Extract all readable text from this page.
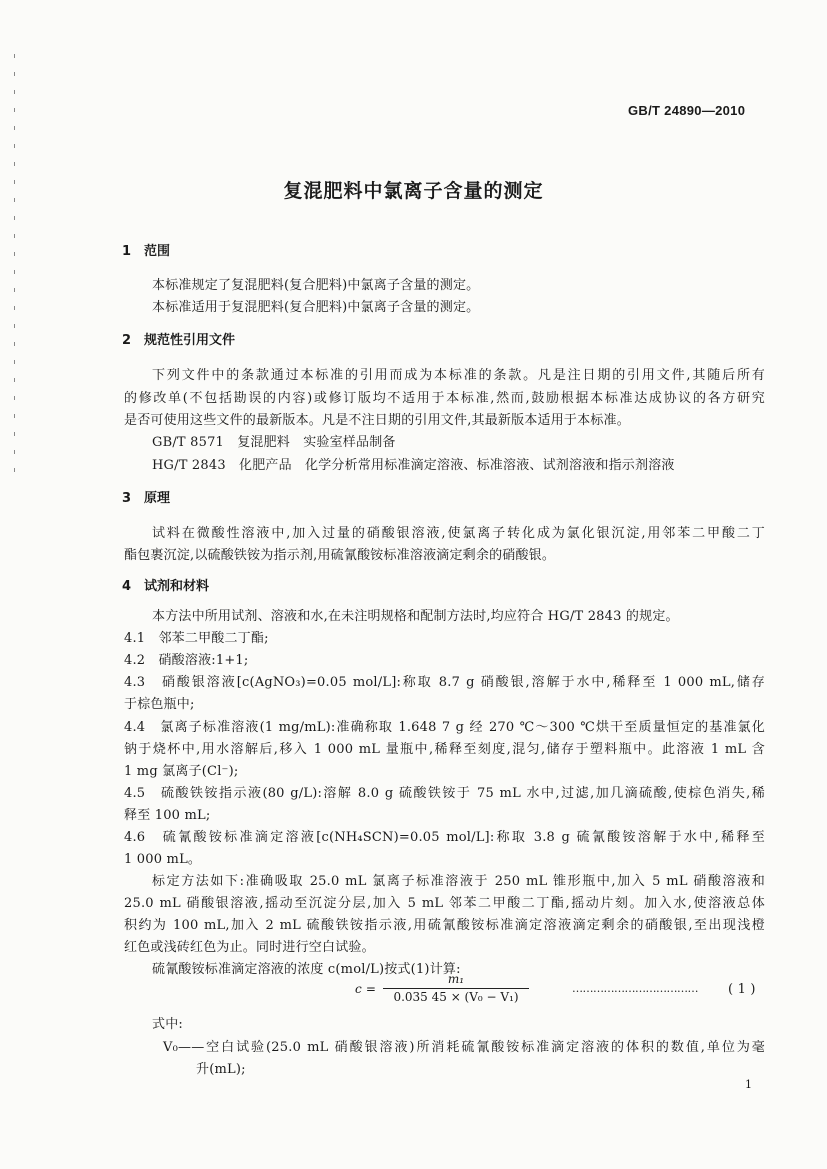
GB/T 24890—2010
复混肥料中氯离子含量的测定
1 范围
本标准规定了复混肥料(复合肥料)中氯离子含量的测定。
本标准适用于复混肥料(复合肥料)中氯离子含量的测定。
2 规范性引用文件
下列文件中的条款通过本标准的引用而成为本标准的条款。凡是注日期的引用文件,其随后所有
的修改单(不包括勘误的内容)或修订版均不适用于本标准,然而,鼓励根据本标准达成协议的各方研究
是否可使用这些文件的最新版本。凡是不注日期的引用文件,其最新版本适用于本标准。
GB/T 8571　复混肥料　实验室样品制备
HG/T 2843　化肥产品　化学分析常用标准滴定溶液、标准溶液、试剂溶液和指示剂溶液
3 原理
试料在微酸性溶液中,加入过量的硝酸银溶液,使氯离子转化成为氯化银沉淀,用邻苯二甲酸二丁
酯包裹沉淀,以硫酸铁铵为指示剂,用硫氰酸铵标准溶液滴定剩余的硝酸银。
4 试剂和材料
本方法中所用试剂、溶液和水,在未注明规格和配制方法时,均应符合 HG/T 2843 的规定。
4.1　邻苯二甲酸二丁酯;
4.2　硝酸溶液:1+1;
4.3　硝酸银溶液[c(AgNO₃)=0.05 mol/L]:称取 8.7 g 硝酸银,溶解于水中,稀释至 1 000 mL,储存
于棕色瓶中;
4.4　氯离子标准溶液(1 mg/mL):准确称取 1.648 7 g 经 270 ℃～300 ℃烘干至质量恒定的基准氯化
钠于烧杯中,用水溶解后,移入 1 000 mL 量瓶中,稀释至刻度,混匀,储存于塑料瓶中。此溶液 1 mL 含
1 mg 氯离子(Cl⁻);
4.5　硫酸铁铵指示液(80 g/L):溶解 8.0 g 硫酸铁铵于 75 mL 水中,过滤,加几滴硫酸,使棕色消失,稀
释至 100 mL;
4.6　硫氰酸铵标准滴定溶液[c(NH₄SCN)=0.05 mol/L]:称取 3.8 g 硫氰酸铵溶解于水中,稀释至
1 000 mL。
标定方法如下:准确吸取 25.0 mL 氯离子标准溶液于 250 mL 锥形瓶中,加入 5 mL 硝酸溶液和
25.0 mL 硝酸银溶液,摇动至沉淀分层,加入 5 mL 邻苯二甲酸二丁酯,摇动片刻。加入水,使溶液总体
积约为 100 mL,加入 2 mL 硫酸铁铵指示液,用硫氰酸铵标准滴定溶液滴定剩余的硝酸银,至出现浅橙
红色或浅砖红色为止。同时进行空白试验。
硫氰酸铵标准滴定溶液的浓度 c(mol/L)按式(1)计算:
c =
m₁
0.035 45 × (V₀ − V₁)
……………………………… ( 1 )
式中:
V₀——空白试验(25.0 mL 硝酸银溶液)所消耗硫氰酸铵标准滴定溶液的体积的数值,单位为毫
升(mL);
1
